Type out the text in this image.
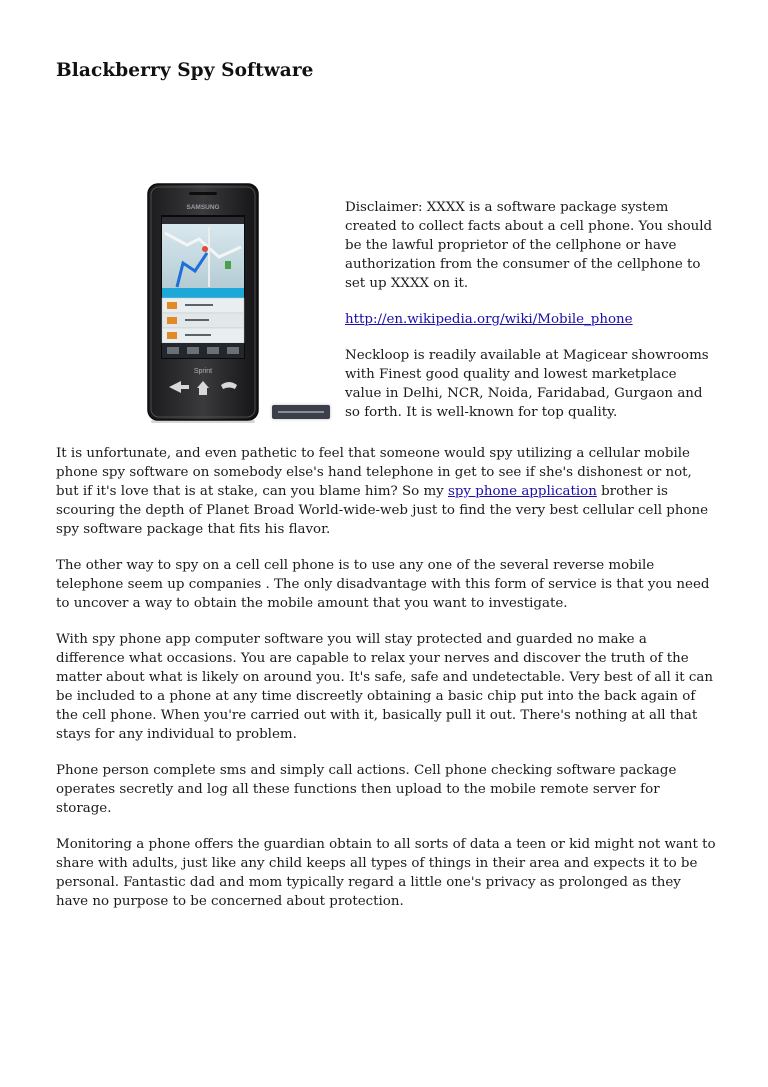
Blackberry Spy Software
SAMSUNG
Sprint

Disclaimer: XXXX is a software package system created to collect facts about a cell phone. You should be the lawful proprietor of the cellphone or have authorization from the consumer of the cellphone to set up XXXX on it.

http://en.wikipedia.org/wiki/Mobile_phone

Neckloop is readily available at Magicear showrooms with Finest good quality and lowest marketplace value in Delhi, NCR, Noida, Faridabad, Gurgaon and so forth. It is well-known for top quality.

It is unfortunate, and even pathetic to feel that someone would spy utilizing a cellular mobile phone spy software on somebody else's hand telephone in get to see if she's dishonest or not, but if it's love that is at stake, can you blame him? So my spy phone application brother is scouring the depth of Planet Broad World-wide-web just to find the very best cellular cell phone spy software package that fits his flavor.

The other way to spy on a cell cell phone is to use any one of the several reverse mobile telephone seem up companies . The only disadvantage with this form of service is that you need to uncover a way to obtain the mobile amount that you want to investigate.

With spy phone app computer software you will stay protected and guarded no make a difference what occasions. You are capable to relax your nerves and discover the truth of the matter about what is likely on around you. It's safe, safe and undetectable. Very best of all it can be included to a phone at any time discreetly obtaining a basic chip put into the back again of the cell phone. When you're carried out with it, basically pull it out. There's nothing at all that stays for any individual to problem.

Phone person complete sms and simply call actions. Cell phone checking software package operates secretly and log all these functions then upload to the mobile remote server for storage.

Monitoring a phone offers the guardian obtain to all sorts of data a teen or kid might not want to share with adults, just like any child keeps all types of things in their area and expects it to be personal. Fantastic dad and mom typically regard a little one's privacy as prolonged as they have no purpose to be concerned about protection.
